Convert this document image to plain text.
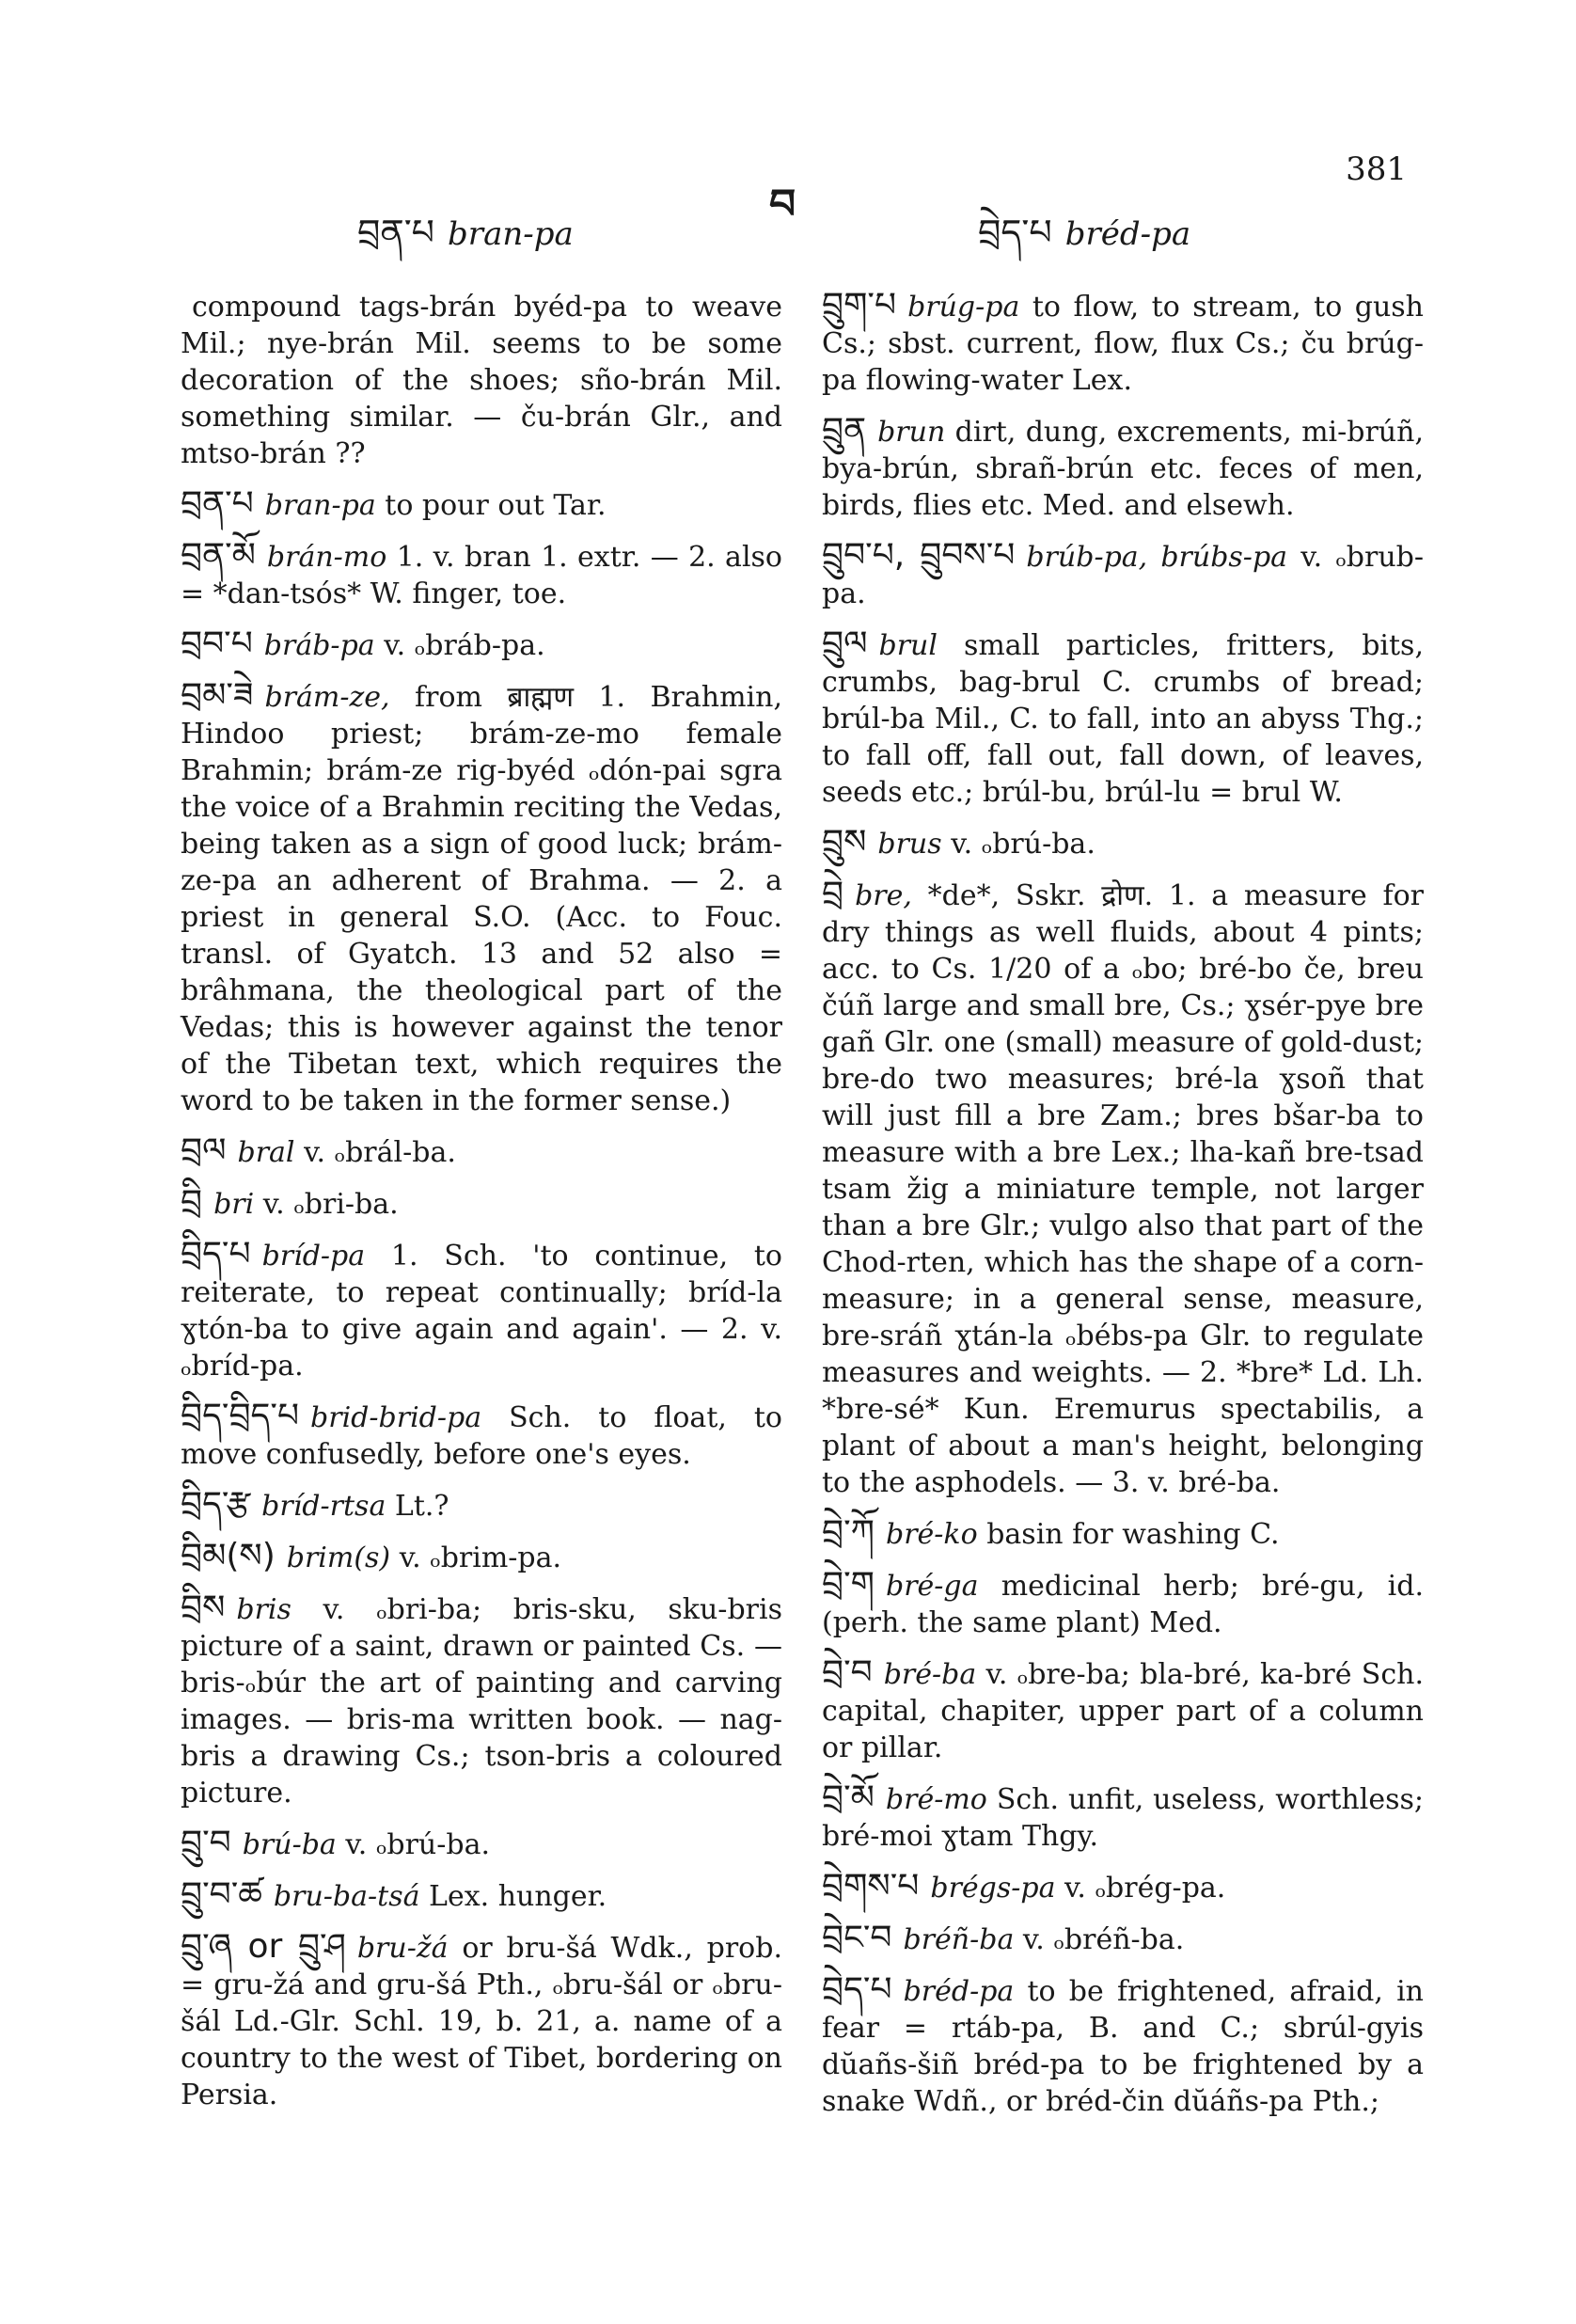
བྲན་པ bran-pa
བ
བྲེད་པ bréd-pa
381

compound tags-brán byéd-pa to weave Mil.; nye-brán Mil. seems to be some decoration of the shoes; sño-brán Mil. something similar. — ču-brán Glr., and mtso-brán ??

བྲན་པ bran-pa to pour out Tar.

བྲན་མོ brán-mo 1. v. bran 1. extr. — 2. also = *dan-tsós* W. finger, toe.

བྲབ་པ bráb-pa v. ₒbráb-pa.

བྲམ་ཟེ brám-ze, from ब्राह्मण 1. Brahmin, Hindoo priest; brám-ze-mo female Brahmin; brám-ze rig-byéd ₒdón-pai sgra the voice of a Brahmin reciting the Vedas, being taken as a sign of good luck; brám-ze-pa an adherent of Brahma. — 2. a priest in general S.O. (Acc. to Fouc. transl. of Gyatch. 13 and 52 also = brâhmana, the theological part of the Vedas; this is however against the tenor of the Tibetan text, which requires the word to be taken in the former sense.)

བྲལ bral v. ₒbrál-ba.

བྲི bri v. ₒbri-ba.

བྲིད་པ bríd-pa 1. Sch. 'to continue, to reiterate, to repeat continually; bríd-la ɣtón-ba to give again and again'. — 2. v. ₒbríd-pa.

བྲིད་བྲིད་པ brid-brid-pa Sch. to float, to move confusedly, before one's eyes.

བྲིད་རྩ bríd-rtsa Lt.?

བྲིམ(ས) brim(s) v. ₒbrim-pa.

བྲིས bris v. ₒbri-ba; bris-sku, sku-bris picture of a saint, drawn or painted Cs. — bris-ₒbúr the art of painting and carving images. — bris-ma written book. — nag-bris a drawing Cs.; tson-bris a coloured picture.

བྲུ་བ brú-ba v. ₒbrú-ba.

བྲུ་བ་ཚ bru-ba-tsá Lex. hunger.

བྲུ་ཞ or བྲུ་ཤ bru-žá or bru-šá Wdk., prob. = gru-žá and gru-šá Pth., ₒbru-šál or ₒbru-šál Ld.-Glr. Schl. 19, b. 21, a. name of a country to the west of Tibet, bordering on Persia.

བྲུག་པ brúg-pa to flow, to stream, to gush Cs.; sbst. current, flow, flux Cs.; ču brúg-pa flowing-water Lex.

བྲུན brun dirt, dung, excrements, mi-brúñ, bya-brún, sbrañ-brún etc. feces of men, birds, flies etc. Med. and elsewh.

བྲུབ་པ, བྲུབས་པ brúb-pa, brúbs-pa v. ₒbrub-pa.

བྲུལ brul small particles, fritters, bits, crumbs, bag-brul C. crumbs of bread; brúl-ba Mil., C. to fall, into an abyss Thg.; to fall off, fall out, fall down, of leaves, seeds etc.; brúl-bu, brúl-lu = brul W.

བྲུས brus v. ₒbrú-ba.

བྲེ bre, *de*, Sskr. द्रोण. 1. a measure for dry things as well fluids, about 4 pints; acc. to Cs. 1/20 of a ₒbo; bré-bo če, breu čúñ large and small bre, Cs.; ɣsér-pye bre gañ Glr. one (small) measure of gold-dust; bre-do two measures; bré-la ɣsoñ that will just fill a bre Zam.; bres bšar-ba to measure with a bre Lex.; lha-kañ bre-tsad tsam žig a miniature temple, not larger than a bre Glr.; vulgo also that part of the Chod-rten, which has the shape of a corn-measure; in a general sense, measure, bre-sráñ ɣtán-la ₒbébs-pa Glr. to regulate measures and weights. — 2. *bre* Ld. Lh. *bre-sé* Kun. Eremurus spectabilis, a plant of about a man's height, belonging to the asphodels. — 3. v. bré-ba.

བྲེ་ཀོ bré-ko basin for washing C.

བྲེ་ག bré-ga medicinal herb; bré-gu, id.(perh. the same plant) Med.

བྲེ་བ bré-ba v. ₒbre-ba; bla-bré, ka-bré Sch. capital, chapiter, upper part of a column or pillar.

བྲེ་མོ bré-mo Sch. unfit, useless, worthless; bré-moi ɣtam Thgy.

བྲེགས་པ brégs-pa v. ₒbrég-pa.

བྲེང་བ bréñ-ba v. ₒbréñ-ba.

བྲེད་པ bréd-pa to be frightened, afraid, in fear = rtáb-pa, B. and C.; sbrúl-gyis dŭañs-šiñ bréd-pa to be frightened by a snake Wdñ., or bréd-čin dŭáñs-pa Pth.;
